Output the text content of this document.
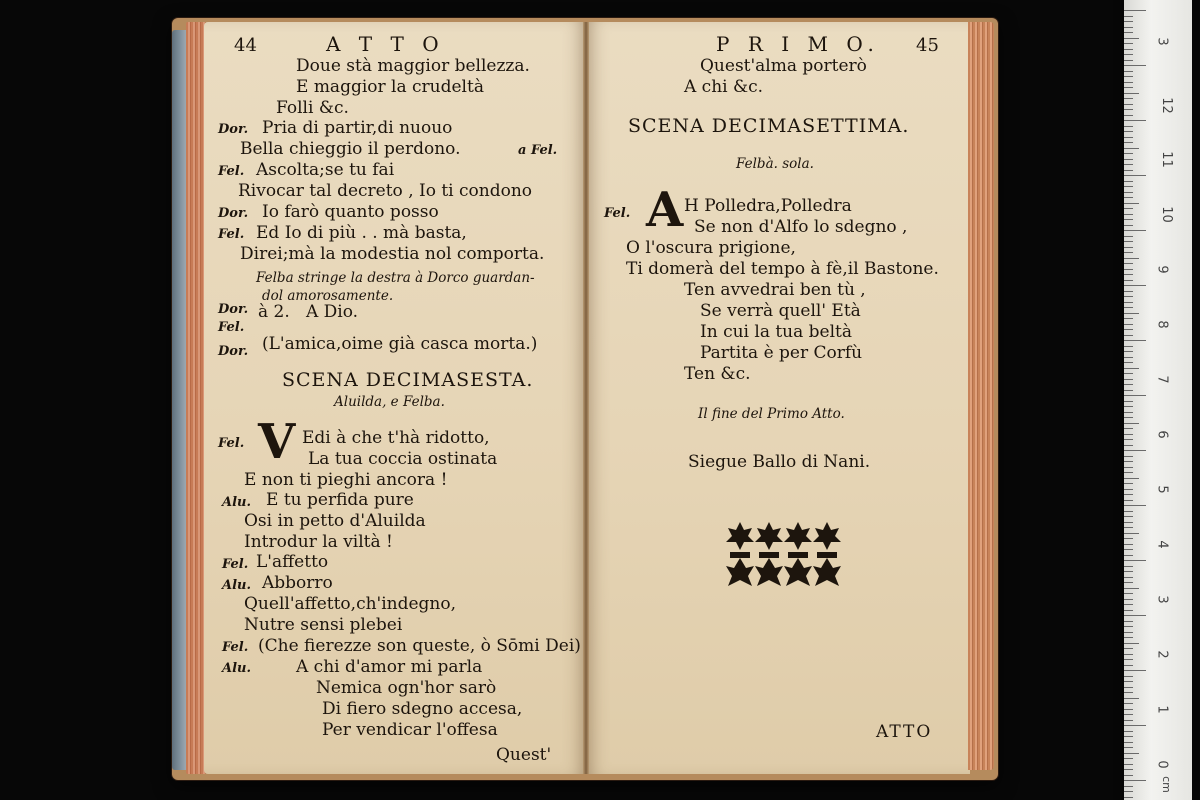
44	A T T O
Doue stà maggior bellezza.
E maggior la crudeltà
Folli &c.
Dor. Pria di partir,di nuouo
Bella chieggio il perdono.	a Fel.
Fel. Ascolta;se tu fai
Rivocar tal decreto , Io ti condono
Dor. Io farò quanto posso
Fel. Ed Io di più . . mà basta,
Direi;mà la modestia nol comporta.
Felba stringe la destra à Dorco guardan-
dol amorosamente.
Dor.
Fel.
à 2. A Dio.
Dor. (L'amica,oime già casca morta.)
SCENA DECIMASESTA.
Aluilda, e Felba.
Fel. V Edi à che t'hà ridotto,
La tua coccia ostinata
E non ti pieghi ancora !
Alu. E tu perfida pure
Osi in petto d'Aluilda
Introdur la viltà !
Fel. L'affetto
Alu. Abborro
Quell'affetto,ch'indegno,
Nutre sensi plebei
Fel. (Che fierezze son queste, ò Sōmi Dei)
Alu.	A chi d'amor mi parla
Nemica ogn'hor sarò
Di fiero sdegno accesa,
Per vendicar l'offesa
Quest'
P R I M O. 45
Quest'alma porterò
A chi &c.
SCENA DECIMASETTIMA.
Felbà. sola.
Fel. A H Polledra,Polledra
Se non d'Alfo lo sdegno ,
O l'oscura prigione,
Ti domerà del tempo à fè,il Bastone.
Ten avvedrai ben tù ,
Se verrà quell' Età
In cui la tua beltà
Partita è per Corfù
Ten &c.
Il fine del Primo Atto.
Siegue Ballo di Nani.
ATTO
3
12
11
10
9
8
7
6
5
4
3
2
1
0
cm
